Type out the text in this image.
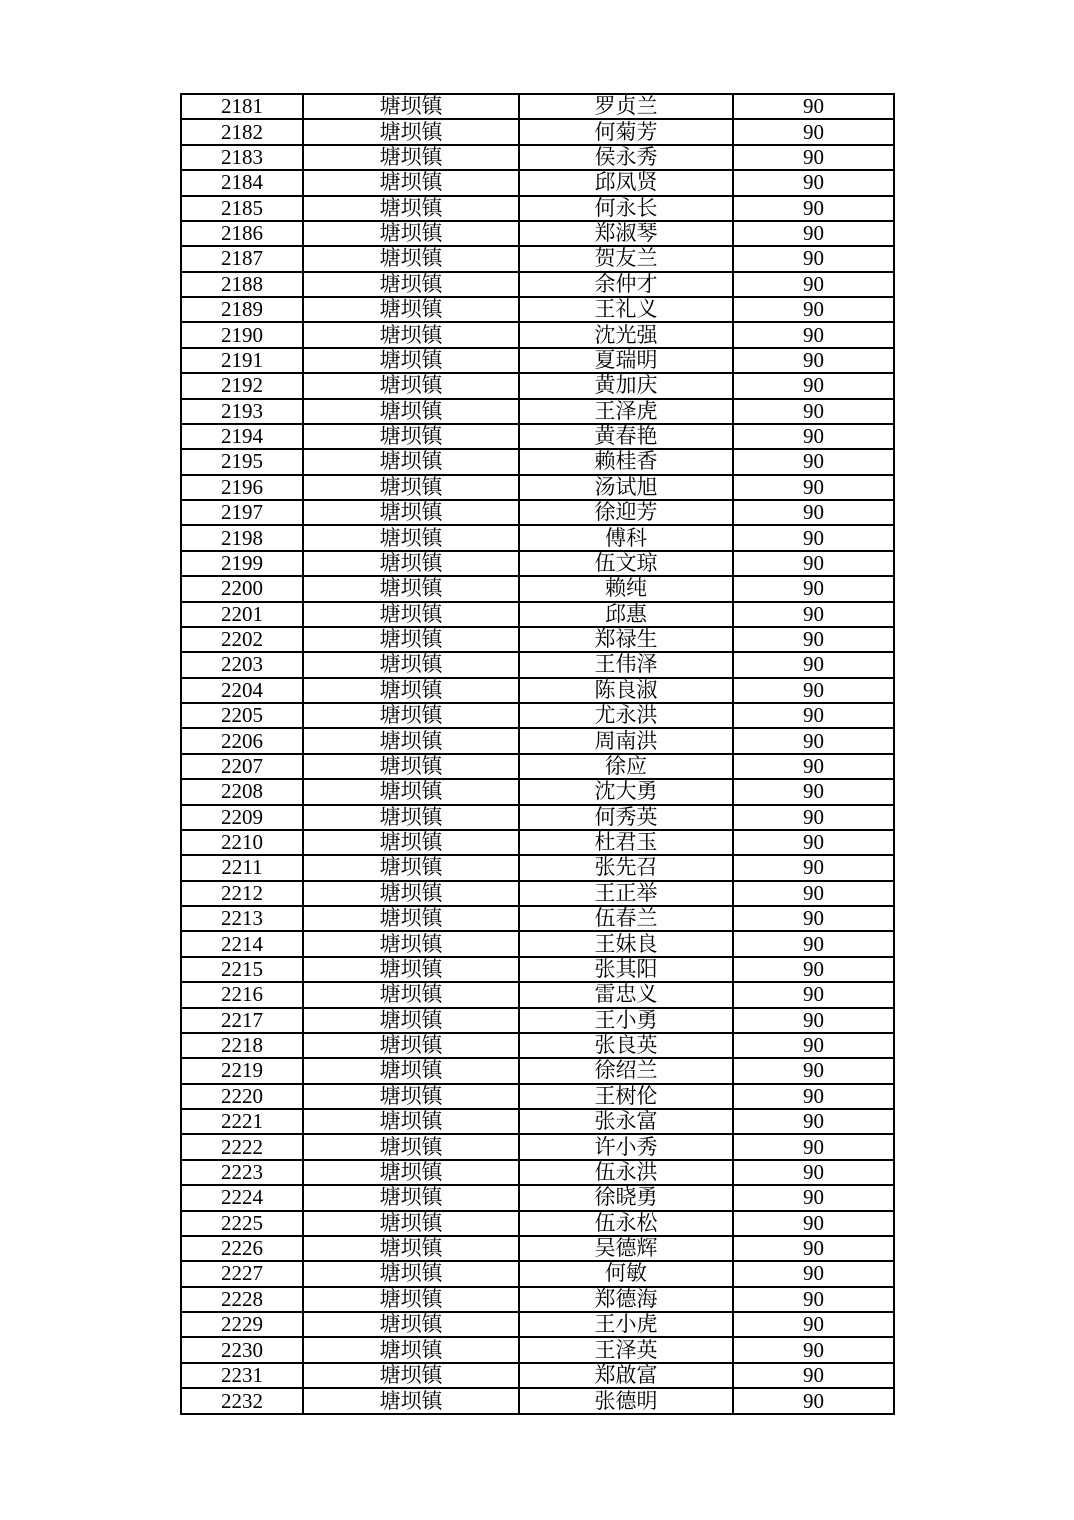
2181	塘坝镇	罗贞兰	90
2182	塘坝镇	何菊芳	90
2183	塘坝镇	侯永秀	90
2184	塘坝镇	邱凤贤	90
2185	塘坝镇	何永长	90
2186	塘坝镇	郑淑琴	90
2187	塘坝镇	贺友兰	90
2188	塘坝镇	余仲才	90
2189	塘坝镇	王礼义	90
2190	塘坝镇	沈光强	90
2191	塘坝镇	夏瑞明	90
2192	塘坝镇	黄加庆	90
2193	塘坝镇	王泽虎	90
2194	塘坝镇	黄春艳	90
2195	塘坝镇	赖桂香	90
2196	塘坝镇	汤试旭	90
2197	塘坝镇	徐迎芳	90
2198	塘坝镇	傅科	90
2199	塘坝镇	伍文琼	90
2200	塘坝镇	赖纯	90
2201	塘坝镇	邱惠	90
2202	塘坝镇	郑禄生	90
2203	塘坝镇	王伟泽	90
2204	塘坝镇	陈良淑	90
2205	塘坝镇	尤永洪	90
2206	塘坝镇	周南洪	90
2207	塘坝镇	徐应	90
2208	塘坝镇	沈大勇	90
2209	塘坝镇	何秀英	90
2210	塘坝镇	杜君玉	90
2211	塘坝镇	张先召	90
2212	塘坝镇	王正举	90
2213	塘坝镇	伍春兰	90
2214	塘坝镇	王妹良	90
2215	塘坝镇	张其阳	90
2216	塘坝镇	雷忠义	90
2217	塘坝镇	王小勇	90
2218	塘坝镇	张良英	90
2219	塘坝镇	徐绍兰	90
2220	塘坝镇	王树伦	90
2221	塘坝镇	张永富	90
2222	塘坝镇	许小秀	90
2223	塘坝镇	伍永洪	90
2224	塘坝镇	徐晓勇	90
2225	塘坝镇	伍永松	90
2226	塘坝镇	吴德辉	90
2227	塘坝镇	何敏	90
2228	塘坝镇	郑德海	90
2229	塘坝镇	王小虎	90
2230	塘坝镇	王泽英	90
2231	塘坝镇	郑啟富	90
2232	塘坝镇	张德明	90
